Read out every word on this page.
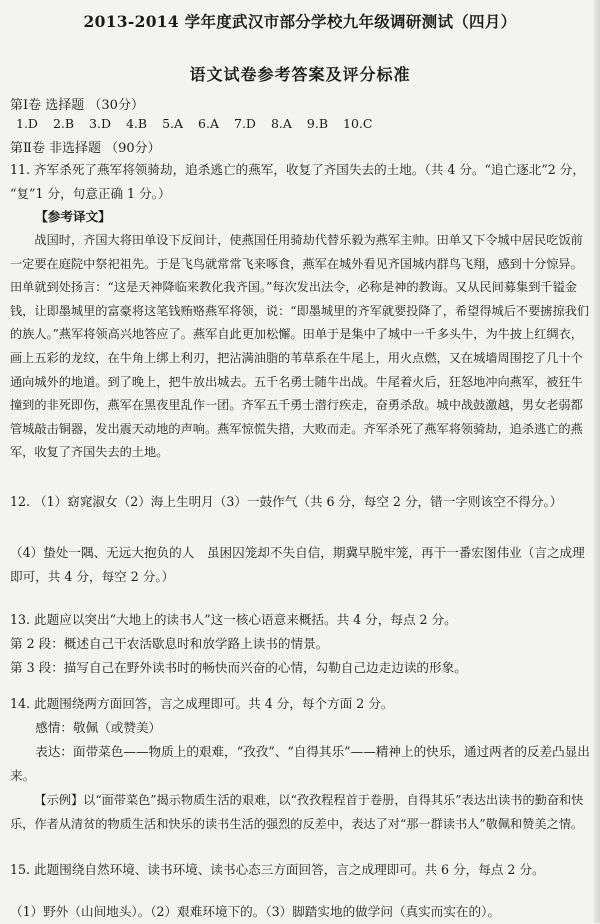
2013-2014 学年度武汉市部分学校九年级调研测试（四月）
语文试卷参考答案及评分标准
第Ⅰ卷 选择题 （30分）
1.D 2.B 3.D 4.B 5.A 6.A 7.D 8.A 9.B 10.C
第Ⅱ卷 非选择题 （90分）
11. 齐军杀死了燕军将领骑劫，追杀逃亡的燕军，收复了齐国失去的土地。（共 4 分。“追亡逐北”2 分， “复”1 分，句意正确 1 分。）
【参考译文】
战国时，齐国大将田单设下反间计，使燕国任用骑劫代替乐毅为燕军主帅。田单又下令城中居民吃饭前一定要在庭院中祭祀祖先。于是飞鸟就常常飞来啄食，燕军在城外看见齐国城内群鸟飞翔，感到十分惊异。田单就到处扬言：“这是天神降临来教化我齐国。”每次发出法令，必称是神的教诲。又从民间募集到千镒金钱，让即墨城里的富豪将这笔钱贿赂燕军将领，说：“即墨城里的齐军就要投降了，希望得城后不要掳掠我们的族人。”燕军将领高兴地答应了。燕军自此更加松懈。田单于是集中了城中一千多头牛，为牛披上红绸衣，画上五彩的龙纹，在牛角上绑上利刃，把沾满油脂的苇草系在牛尾上，用火点燃，又在城墙周围挖了几十个通向城外的地道。到了晚上，把牛放出城去。五千名勇士随牛出战。牛尾着火后，狂怒地冲向燕军，被狂牛撞到的非死即伤，燕军在黑夜里乱作一团。齐军五千勇士潜行疾走，奋勇杀敌。城中战鼓激越，男女老弱都管城敲击铜器，发出震天动地的声响。燕军惊慌失措，大败而走。齐军杀死了燕军将领骑劫，追杀逃亡的燕军，收复了齐国失去的土地。
12. （1）窈窕淑女（2）海上生明月（3）一鼓作气（共 6 分，每空 2 分，错一字则该空不得分。）
（4）蛰处一隅、无远大抱负的人　虽困囚笼却不失自信，期冀早脱牢笼，再干一番宏图伟业（言之成理即可，共 4 分，每空 2 分。）
13. 此题应以突出“大地上的读书人”这一核心语意来概括。共 4 分，每点 2 分。
第 2 段：概述自己干农活歇息时和放学路上读书的情景。
第 3 段：描写自己在野外读书时的畅快而兴奋的心情，勾勒自己边走边读的形象。
14. 此题围绕两方面回答，言之成理即可。共 4 分，每个方面 2 分。
感情：敬佩（或赞美）
表达：面带菜色——物质上的艰难，“孜孜”、“自得其乐”——精神上的快乐，通过两者的反差凸显出来。
【示例】以“面带菜色”揭示物质生活的艰难，以“孜孜程程首于卷册，自得其乐”表达出读书的勤奋和快乐，作者从清贫的物质生活和快乐的读书生活的强烈的反差中，表达了对“那一群读书人”敬佩和赞美之情。
15. 此题围绕自然环境、读书环境、读书心态三方面回答，言之成理即可。共 6 分，每点 2 分。
（1）野外（山间地头）。（2）艰难环境下的。（3）脚踏实地的做学问（真实而实在的）。
